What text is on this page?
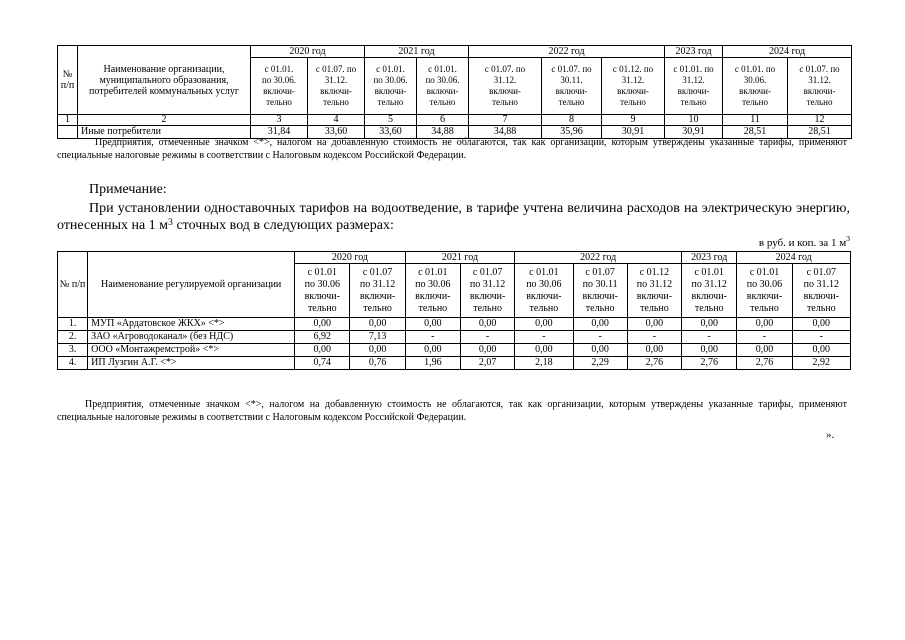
№ п/п	Наименование организации, муниципального образования, потребителей коммунальных услуг	2020 год		2021 год		2022 год			2023 год	2024 год	

		с 01.01.
по 30.06.
включи-
тельно	с 01.07. по
31.12.
включи-
тельно	с 01.01.
по 30.06.
включи-
тельно	с 01.01.
по 30.06.
включи-
тельно	с 01.07. по
31.12.
включи-
тельно	с 01.07. по
30.11.
включи-
тельно	с 01.12. по
31.12.
включи-
тельно	с 01.01. по
31.12.
включи-
тельно	с 01.01. по
30.06.
включи-
тельно	с 01.07. по
31.12.
включи-
тельно

1	2	3	4	5	6	7	8	9	10	11	12
	Иные потребители	31,84	33,60	33,60	34,88	34,88	35,96	30,91	30,91	28,51	28,51
Предприятия, отмеченные значком <*>, налогом на добавленную стоимость не облагаются, так как организации, которым утверждены указанные тарифы, применяют специальные налоговые режимы в соответствии с Налоговым кодексом Российской Федерации.
Примечание:
При установлении одноставочных тарифов на водоотведение, в тарифе учтена величина расходов на электрическую энергию, отнесенных на 1 $м^3$ сточных вод в следующих размерах:
в руб. и коп. за 1 $м^3$
№ п/п	Наименование регулируемой организации	2020 год		2021 год		2022 год			2023 год	2024 год	

		с 01.01
по 30.06
включи-
тельно	с 01.07
по 31.12
включи-
тельно	с 01.01
по 30.06
включи-
тельно	с 01.07
по 31.12
включи-
тельно	с 01.01
по 30.06
включи-
тельно	с 01.07
по 30.11
включи-
тельно	с 01.12
по 31.12
включи-
тельно	с 01.01
по 31.12
включи-
тельно	с 01.01
по 30.06
включи-
тельно	с 01.07
по 31.12
включи-
тельно

1.	МУП «Ардатовское ЖКХ» <*>	0,00	0,00	0,00	0,00	0,00	0,00	0,00	0,00	0,00	0,00
2.	ЗАО «Агроводоканал» (без НДС)	6,92	7,13	-	-	-	-	-	-	-	-
3.	ООО «Монтажремстрой» <*>	0,00	0,00	0,00	0,00	0,00	0,00	0,00	0,00	0,00	0,00
4.	ИП Лузгин А.Г. <*>	0,74	0,76	1,96	2,07	2,18	2,29	2,76	2,76	2,76	2,92
Предприятия, отмеченные значком <*>, налогом на добавленную стоимость не облагаются, так как организации, которым утверждены указанные тарифы, применяют специальные налоговые режимы в соответствии с Налоговым кодексом Российской Федерации.
».
